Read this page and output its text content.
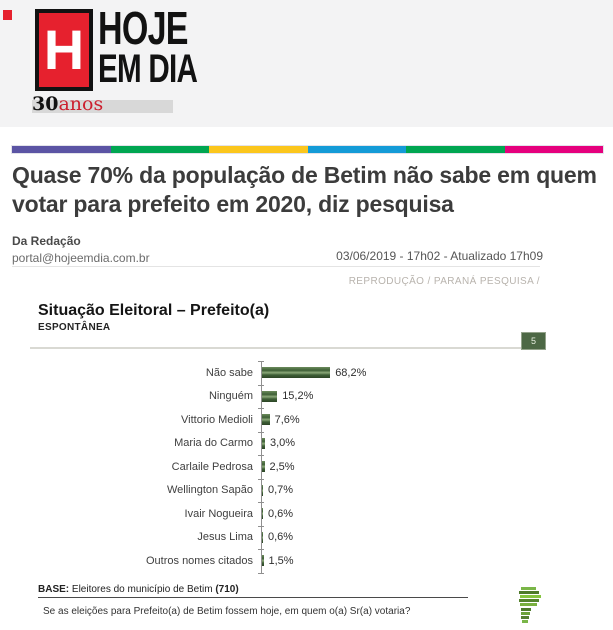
H HOJE
EM DIA
30anos
Quase 70% da população de Betim não sabe em quem votar para prefeito em 2020, diz pesquisa
Da Redação
portal@hojeemdia.com.br	03/06/2019 - 17h02 - Atualizado 17h09
REPRODUÇÃO / PARANÁ PESQUISA /
Situação Eleitoral – Prefeito(a)
ESPONTÂNEA
5
Não sabe	68,2%
Ninguém	15,2%
Vittorio Medioli	7,6%
Maria do Carmo	3,0%
Carlaile Pedrosa	2,5%
Wellington Sapão	0,7%
Ivair Nogueira	0,6%
Jesus Lima	0,6%
Outros nomes citados	1,5%
BASE: Eleitores do município de Betim (710)
Se as eleições para Prefeito(a) de Betim fossem hoje, em quem o(a) Sr(a) votaria?
